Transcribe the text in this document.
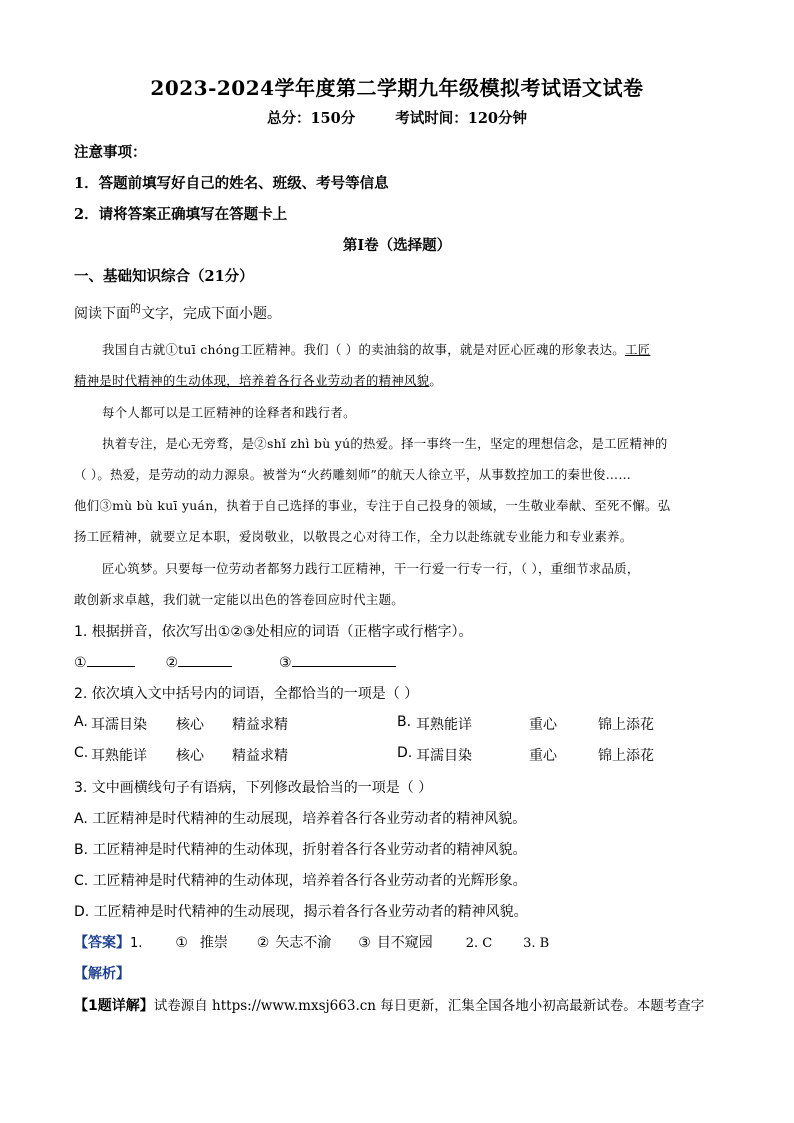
2023-2024学年度第二学期九年级模拟考试语文试卷
总分：150分	考试时间：120分钟
注意事项：
1．答题前填写好自己的姓名、班级、考号等信息
2．请将答案正确填写在答题卡上
第Ⅰ卷（选择题）
一、基础知识综合（21分）
阅读下面$^的$文字，完成下面小题。
我国自古就①tuī chóng工匠精神。我们（ ）的卖油翁的故事，就是对匠心匠魂的形象表达。工匠
精神是时代精神的生动体现，培养着各行各业劳动者的精神风貌。
每个人都可以是工匠精神的诠释者和践行者。
执着专注，是心无旁骛，是②shǐ zhì bù yú的热爱。择一事终一生，坚定的理想信念，是工匠精神的
（ ）。热爱，是劳动的动力源泉。被誉为“火药雕刻师”的航天人徐立平，从事数控加工的秦世俊……
他们③mù bù kuī yuán，执着于自己选择的事业，专注于自己投身的领域，一生敬业奉献、至死不懈。弘
扬工匠精神，就要立足本职，爱岗敬业，以敬畏之心对待工作，全力以赴练就专业能力和专业素养。
匠心筑梦。只要每一位劳动者都努力践行工匠精神，干一行爱一行专一行，（ ），重细节求品质，
敢创新求卓越，我们就一定能以出色的答卷回应时代主题。
1. 根据拼音，依次写出①②③处相应的词语（正楷字或行楷字）。
①	②	③
2. 依次填入文中括号内的词语，全都恰当的一项是（ ）
A. 耳濡目染 核心 精益求精	B. 耳熟能详	重心	锦上添花
C. 耳熟能详 核心 精益求精	D. 耳濡目染	重心	锦上添花
3. 文中画横线句子有语病，下列修改最恰当的一项是（ ）
A. 工匠精神是时代精神的生动展现，培养着各行各业劳动者的精神风貌。
B. 工匠精神是时代精神的生动体现，折射着各行各业劳动者的精神风貌。
C. 工匠精神是时代精神的生动体现，培养着各行各业劳动者的光辉形象。
D. 工匠精神是时代精神的生动展现，揭示着各行各业劳动者的精神风貌。
【答案】1. ① 推崇 ② 矢志不渝 ③ 目不窥园	2. C 3. B
【解析】
【1题详解】试卷源自 https://www.mxsj663.cn 每日更新，汇集全国各地小初高最新试卷。本题考查字
